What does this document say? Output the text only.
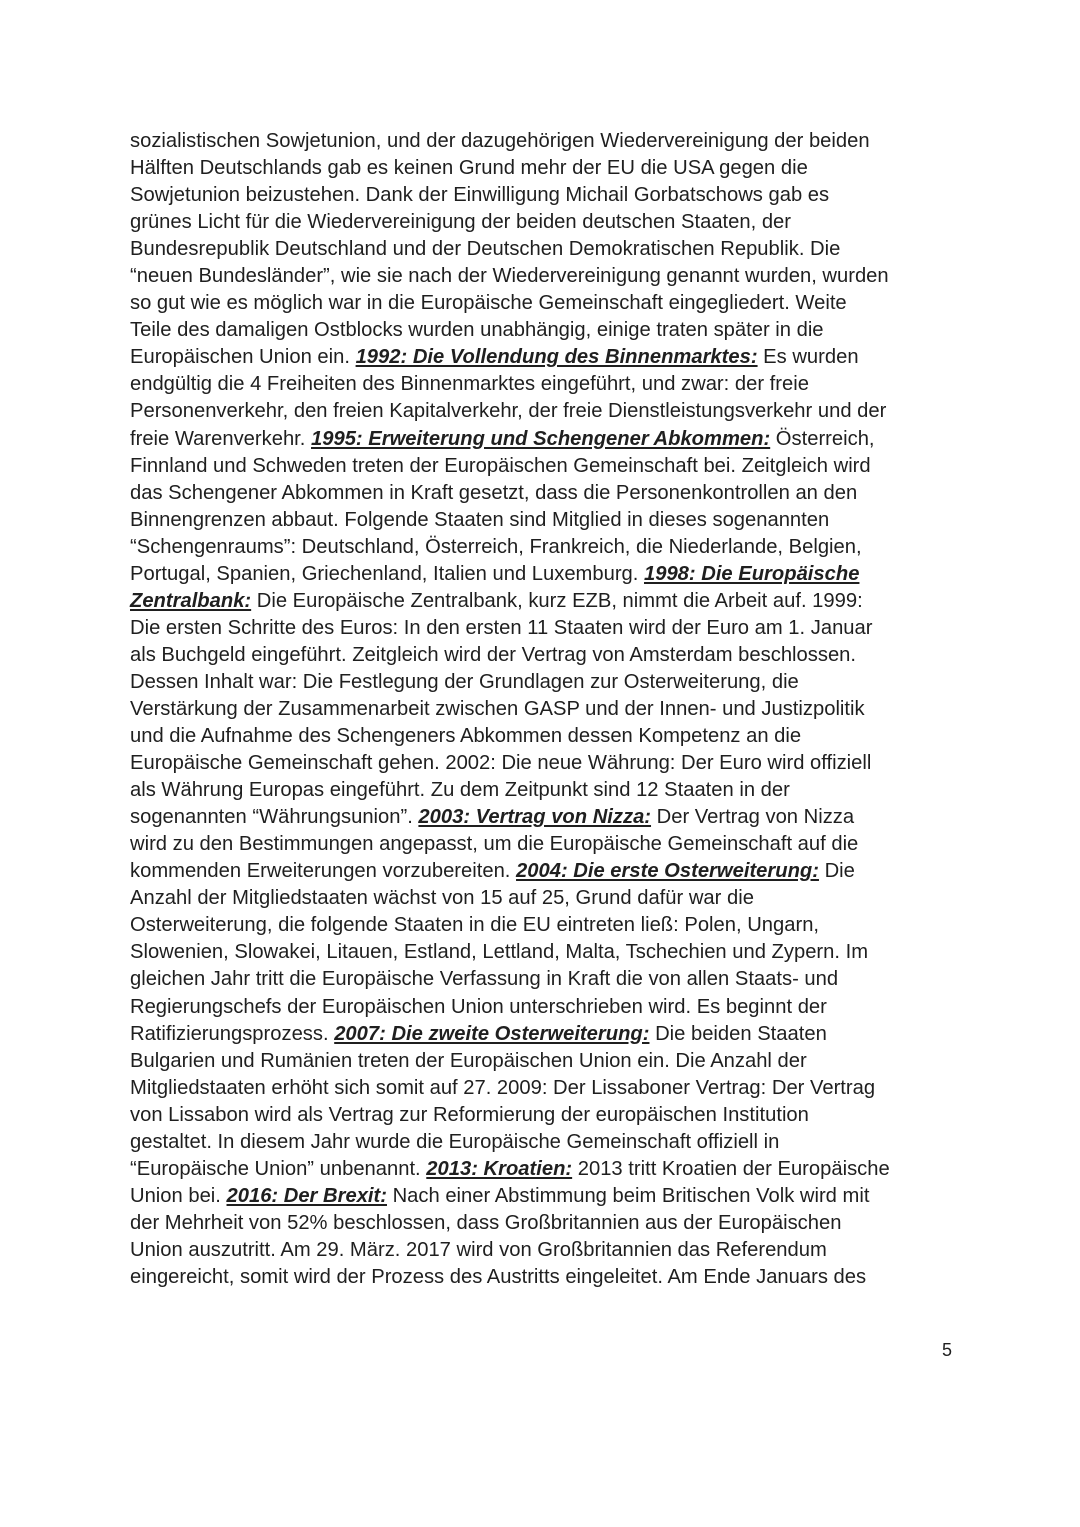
sozialistischen Sowjetunion, und der dazugehörigen Wiedervereinigung der beiden
Hälften Deutschlands gab es keinen Grund mehr der EU die USA gegen die
Sowjetunion beizustehen. Dank der Einwilligung Michail Gorbatschows gab es
grünes Licht für die Wiedervereinigung der beiden deutschen Staaten, der
Bundesrepublik Deutschland und der Deutschen Demokratischen Republik. Die
“neuen Bundesländer”, wie sie nach der Wiedervereinigung genannt wurden, wurden
so gut wie es möglich war in die Europäische Gemeinschaft eingegliedert. Weite
Teile des damaligen Ostblocks wurden unabhängig, einige traten später in die
Europäischen Union ein. 1992: Die Vollendung des Binnenmarktes: Es wurden
endgültig die 4 Freiheiten des Binnenmarktes eingeführt, und zwar: der freie
Personenverkehr, den freien Kapitalverkehr, der freie Dienstleistungsverkehr und der
freie Warenverkehr. 1995: Erweiterung und Schengener Abkommen: Österreich,
Finnland und Schweden treten der Europäischen Gemeinschaft bei. Zeitgleich wird
das Schengener Abkommen in Kraft gesetzt, dass die Personenkontrollen an den
Binnengrenzen abbaut. Folgende Staaten sind Mitglied in dieses sogenannten
“Schengenraums”: Deutschland, Österreich, Frankreich, die Niederlande, Belgien,
Portugal, Spanien, Griechenland, Italien und Luxemburg. 1998: Die Europäische
Zentralbank: Die Europäische Zentralbank, kurz EZB, nimmt die Arbeit auf. 1999:
Die ersten Schritte des Euros: In den ersten 11 Staaten wird der Euro am 1. Januar
als Buchgeld eingeführt. Zeitgleich wird der Vertrag von Amsterdam beschlossen.
Dessen Inhalt war: Die Festlegung der Grundlagen zur Osterweiterung, die
Verstärkung der Zusammenarbeit zwischen GASP und der Innen- und Justizpolitik
und die Aufnahme des Schengeners Abkommen dessen Kompetenz an die
Europäische Gemeinschaft gehen. 2002: Die neue Währung: Der Euro wird offiziell
als Währung Europas eingeführt. Zu dem Zeitpunkt sind 12 Staaten in der
sogenannten “Währungsunion”. 2003: Vertrag von Nizza: Der Vertrag von Nizza
wird zu den Bestimmungen angepasst, um die Europäische Gemeinschaft auf die
kommenden Erweiterungen vorzubereiten. 2004: Die erste Osterweiterung: Die
Anzahl der Mitgliedstaaten wächst von 15 auf 25, Grund dafür war die
Osterweiterung, die folgende Staaten in die EU eintreten ließ: Polen, Ungarn,
Slowenien, Slowakei, Litauen, Estland, Lettland, Malta, Tschechien und Zypern. Im
gleichen Jahr tritt die Europäische Verfassung in Kraft die von allen Staats- und
Regierungschefs der Europäischen Union unterschrieben wird. Es beginnt der
Ratifizierungsprozess. 2007: Die zweite Osterweiterung: Die beiden Staaten
Bulgarien und Rumänien treten der Europäischen Union ein. Die Anzahl der
Mitgliedstaaten erhöht sich somit auf 27. 2009: Der Lissaboner Vertrag: Der Vertrag
von Lissabon wird als Vertrag zur Reformierung der europäischen Institution
gestaltet. In diesem Jahr wurde die Europäische Gemeinschaft offiziell in
“Europäische Union” unbenannt. 2013: Kroatien: 2013 tritt Kroatien der Europäische
Union bei. 2016: Der Brexit: Nach einer Abstimmung beim Britischen Volk wird mit
der Mehrheit von 52% beschlossen, dass Großbritannien aus der Europäischen
Union auszutritt. Am 29. März. 2017 wird von Großbritannien das Referendum
eingereicht, somit wird der Prozess des Austritts eingeleitet. Am Ende Januars des
5
